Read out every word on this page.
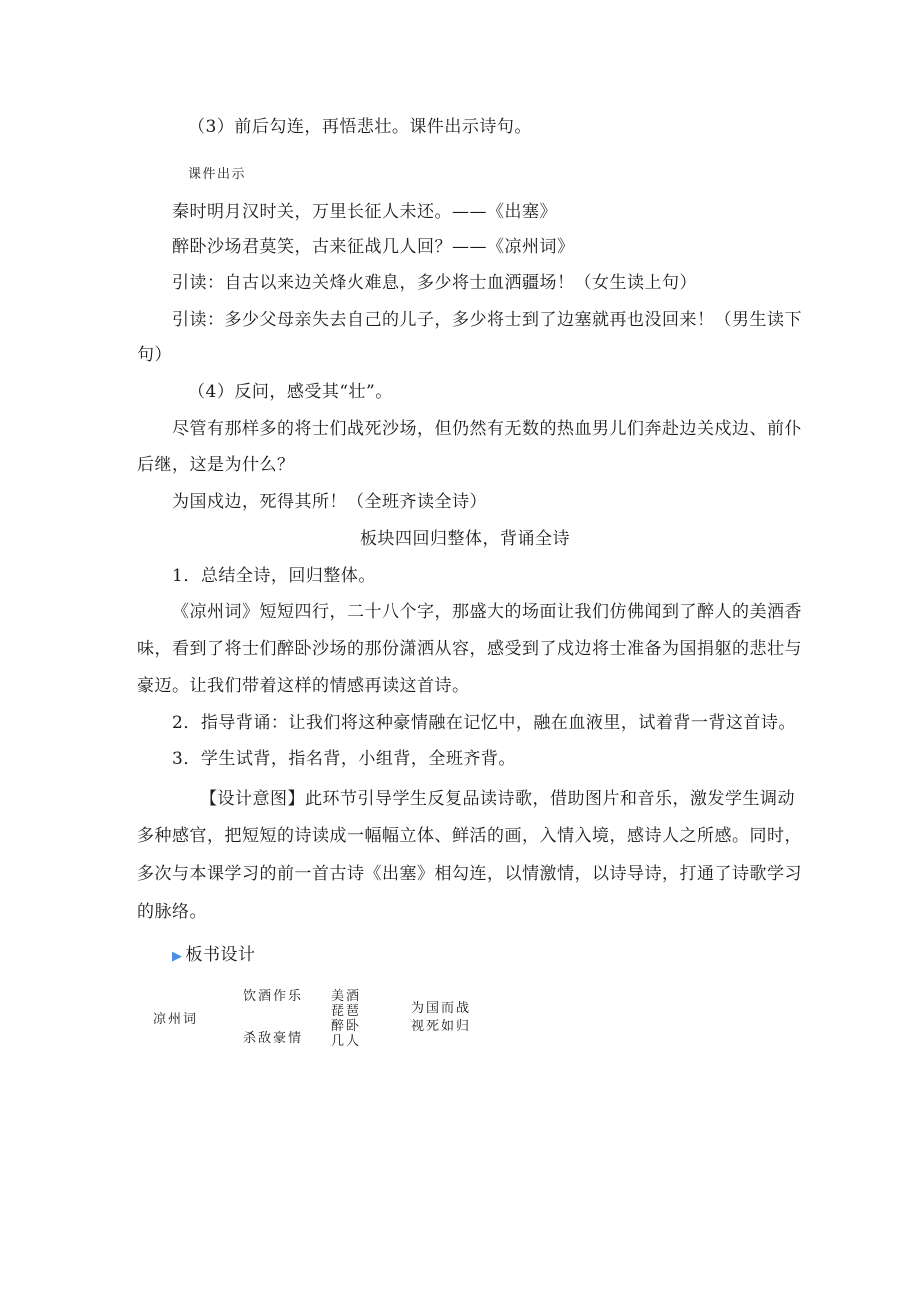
（3）前后勾连，再悟悲壮。课件出示诗句。
课件出示
秦时明月汉时关，万里长征人未还。——《出塞》
醉卧沙场君莫笑，古来征战几人回？——《凉州词》
引读：自古以来边关烽火难息，多少将士血洒疆场！（女生读上句）
引读：多少父母亲失去自己的儿子，多少将士到了边塞就再也没回来！（男生读下
句）
（4）反问，感受其“壮”。
尽管有那样多的将士们战死沙场，但仍然有无数的热血男儿们奔赴边关戍边、前仆
后继，这是为什么？
为国戍边，死得其所！（全班齐读全诗）
板块四回归整体，背诵全诗
1．总结全诗，回归整体。
《凉州词》短短四行，二十八个字，那盛大的场面让我们仿佛闻到了醉人的美酒香
味，看到了将士们醉卧沙场的那份潇洒从容，感受到了戍边将士准备为国捐躯的悲壮与
豪迈。让我们带着这样的情感再读这首诗。
2．指导背诵：让我们将这种豪情融在记忆中，融在血液里，试着背一背这首诗。
3．学生试背，指名背，小组背，全班齐背。
【设计意图】此环节引导学生反复品读诗歌，借助图片和音乐，激发学生调动
多种感官，把短短的诗读成一幅幅立体、鲜活的画，入情入境，感诗人之所感。同时，
多次与本课学习的前一首古诗《出塞》相勾连，以情激情，以诗导诗，打通了诗歌学习
的脉络。
▶ 板书设计
凉州词
饮酒作乐
杀敌豪情
美酒
琵琶
醉卧
几人
为国而战
视死如归
